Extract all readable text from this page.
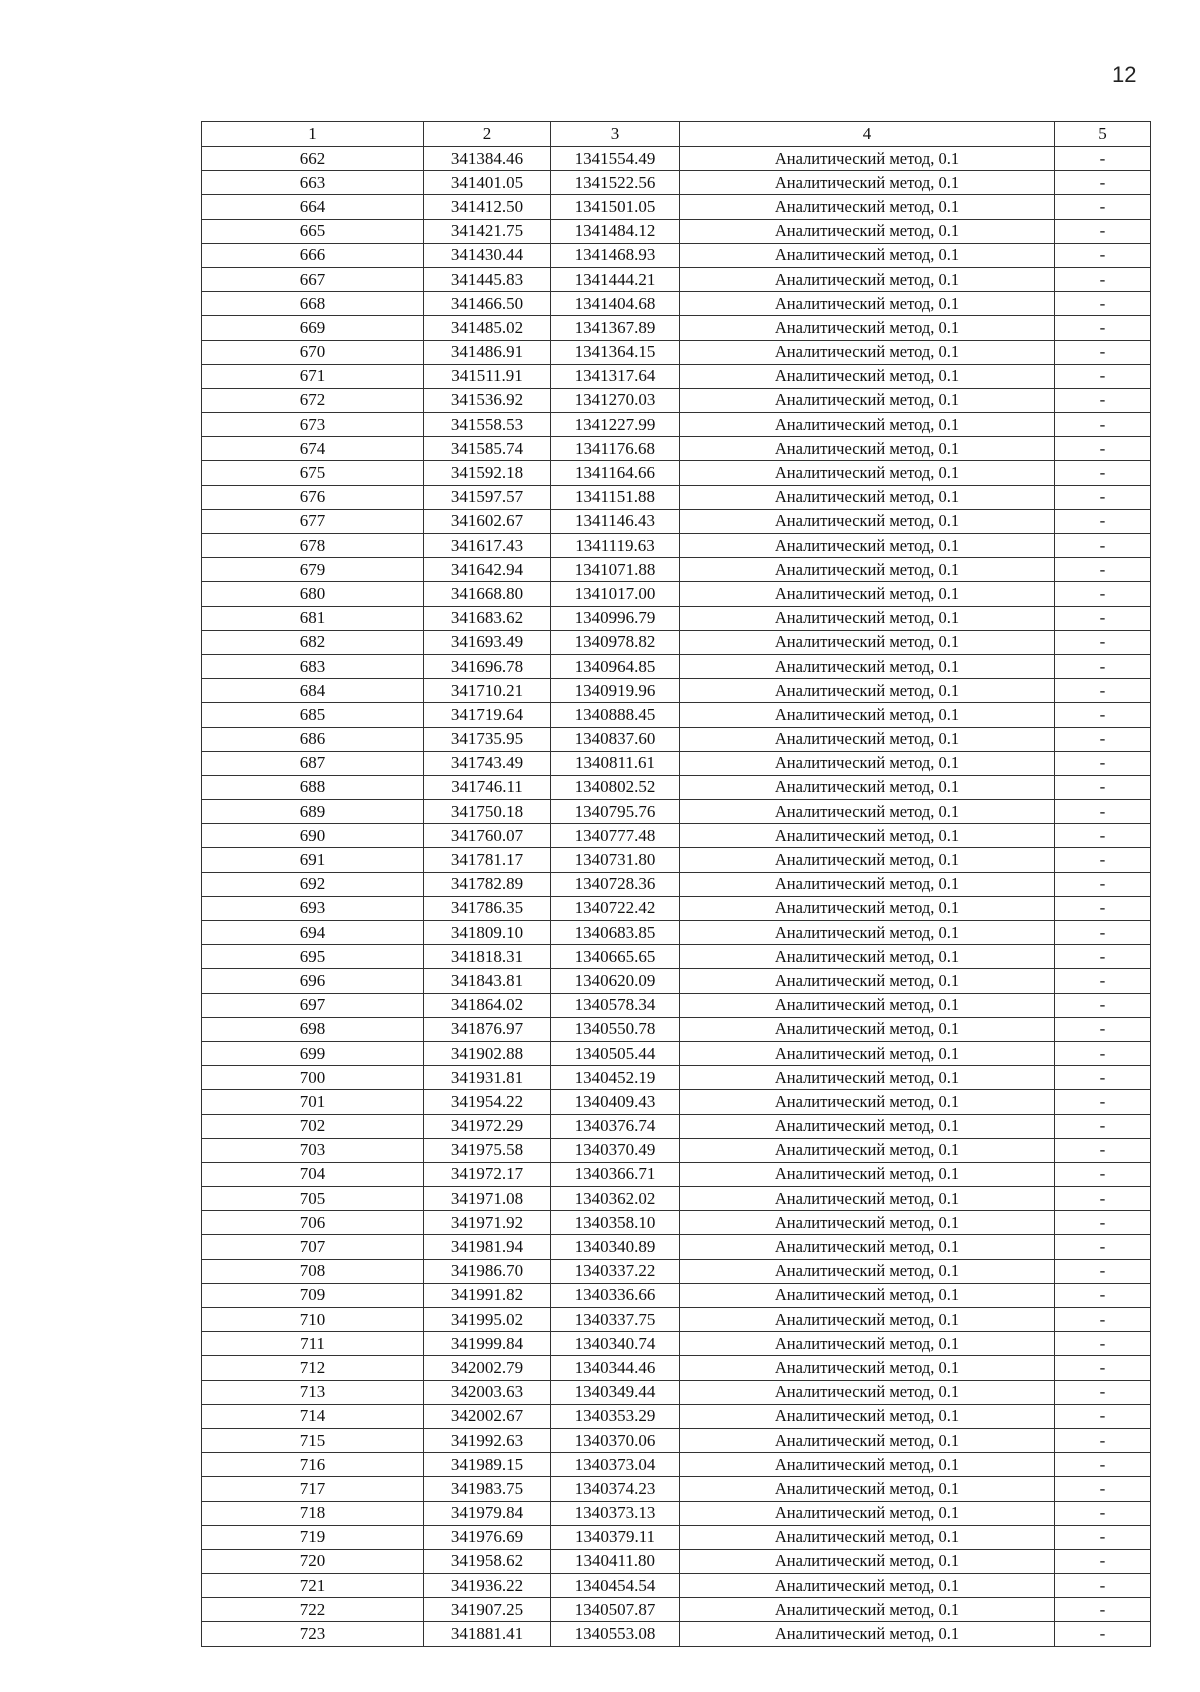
12
1	2	3	4	5
662	341384.46	1341554.49	Аналитический метод, 0.1	-
663	341401.05	1341522.56	Аналитический метод, 0.1	-
664	341412.50	1341501.05	Аналитический метод, 0.1	-
665	341421.75	1341484.12	Аналитический метод, 0.1	-
666	341430.44	1341468.93	Аналитический метод, 0.1	-
667	341445.83	1341444.21	Аналитический метод, 0.1	-
668	341466.50	1341404.68	Аналитический метод, 0.1	-
669	341485.02	1341367.89	Аналитический метод, 0.1	-
670	341486.91	1341364.15	Аналитический метод, 0.1	-
671	341511.91	1341317.64	Аналитический метод, 0.1	-
672	341536.92	1341270.03	Аналитический метод, 0.1	-
673	341558.53	1341227.99	Аналитический метод, 0.1	-
674	341585.74	1341176.68	Аналитический метод, 0.1	-
675	341592.18	1341164.66	Аналитический метод, 0.1	-
676	341597.57	1341151.88	Аналитический метод, 0.1	-
677	341602.67	1341146.43	Аналитический метод, 0.1	-
678	341617.43	1341119.63	Аналитический метод, 0.1	-
679	341642.94	1341071.88	Аналитический метод, 0.1	-
680	341668.80	1341017.00	Аналитический метод, 0.1	-
681	341683.62	1340996.79	Аналитический метод, 0.1	-
682	341693.49	1340978.82	Аналитический метод, 0.1	-
683	341696.78	1340964.85	Аналитический метод, 0.1	-
684	341710.21	1340919.96	Аналитический метод, 0.1	-
685	341719.64	1340888.45	Аналитический метод, 0.1	-
686	341735.95	1340837.60	Аналитический метод, 0.1	-
687	341743.49	1340811.61	Аналитический метод, 0.1	-
688	341746.11	1340802.52	Аналитический метод, 0.1	-
689	341750.18	1340795.76	Аналитический метод, 0.1	-
690	341760.07	1340777.48	Аналитический метод, 0.1	-
691	341781.17	1340731.80	Аналитический метод, 0.1	-
692	341782.89	1340728.36	Аналитический метод, 0.1	-
693	341786.35	1340722.42	Аналитический метод, 0.1	-
694	341809.10	1340683.85	Аналитический метод, 0.1	-
695	341818.31	1340665.65	Аналитический метод, 0.1	-
696	341843.81	1340620.09	Аналитический метод, 0.1	-
697	341864.02	1340578.34	Аналитический метод, 0.1	-
698	341876.97	1340550.78	Аналитический метод, 0.1	-
699	341902.88	1340505.44	Аналитический метод, 0.1	-
700	341931.81	1340452.19	Аналитический метод, 0.1	-
701	341954.22	1340409.43	Аналитический метод, 0.1	-
702	341972.29	1340376.74	Аналитический метод, 0.1	-
703	341975.58	1340370.49	Аналитический метод, 0.1	-
704	341972.17	1340366.71	Аналитический метод, 0.1	-
705	341971.08	1340362.02	Аналитический метод, 0.1	-
706	341971.92	1340358.10	Аналитический метод, 0.1	-
707	341981.94	1340340.89	Аналитический метод, 0.1	-
708	341986.70	1340337.22	Аналитический метод, 0.1	-
709	341991.82	1340336.66	Аналитический метод, 0.1	-
710	341995.02	1340337.75	Аналитический метод, 0.1	-
711	341999.84	1340340.74	Аналитический метод, 0.1	-
712	342002.79	1340344.46	Аналитический метод, 0.1	-
713	342003.63	1340349.44	Аналитический метод, 0.1	-
714	342002.67	1340353.29	Аналитический метод, 0.1	-
715	341992.63	1340370.06	Аналитический метод, 0.1	-
716	341989.15	1340373.04	Аналитический метод, 0.1	-
717	341983.75	1340374.23	Аналитический метод, 0.1	-
718	341979.84	1340373.13	Аналитический метод, 0.1	-
719	341976.69	1340379.11	Аналитический метод, 0.1	-
720	341958.62	1340411.80	Аналитический метод, 0.1	-
721	341936.22	1340454.54	Аналитический метод, 0.1	-
722	341907.25	1340507.87	Аналитический метод, 0.1	-
723	341881.41	1340553.08	Аналитический метод, 0.1	-
